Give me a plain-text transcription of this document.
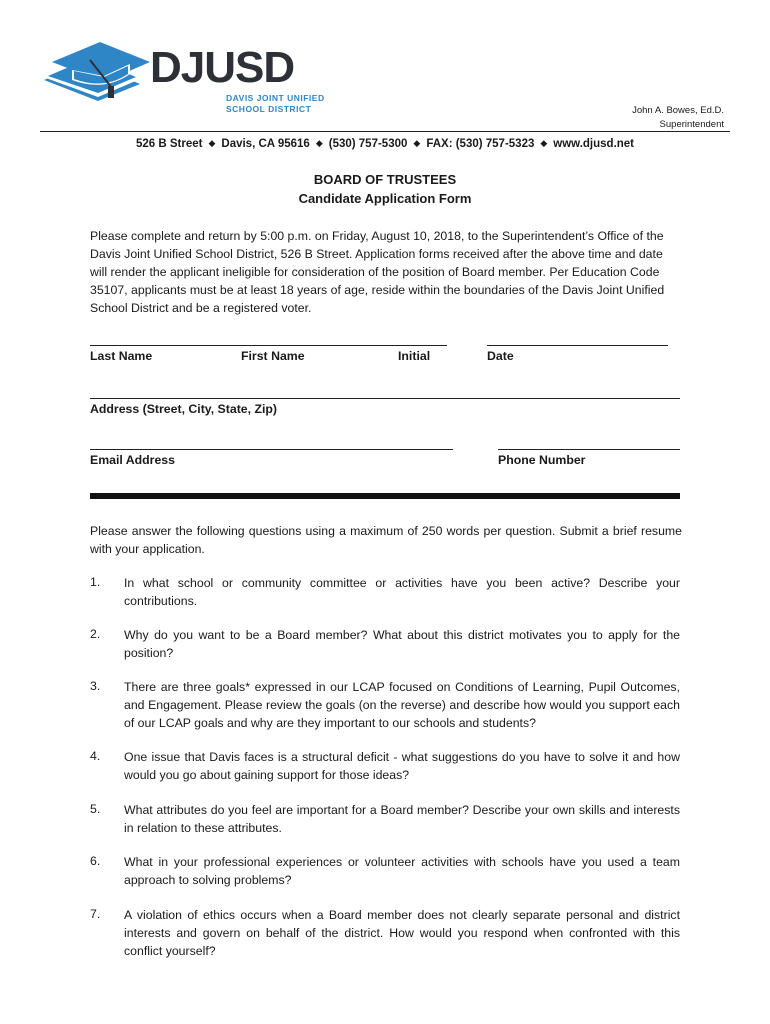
DJUSD
DAVIS JOINT UNIFIED
SCHOOL DISTRICT	John A. Bowes, Ed.D.
Superintendent
526 B Street ◆ Davis, CA 95616 ◆ (530) 757-5300 ◆ FAX: (530) 757-5323 ◆ www.djusd.net
BOARD OF TRUSTEES
Candidate Application Form
Please complete and return by 5:00 p.m. on Friday, August 10, 2018, to the Superintendent’s Office of the Davis Joint Unified School District, 526 B Street. Application forms received after the above time and date will render the applicant ineligible for consideration of the position of Board member. Per Education Code 35107, applicants must be at least 18 years of age, reside within the boundaries of the Davis Joint Unified School District and be a registered voter.
Last Name	First Name	Initial	Date
Address (Street, City, State, Zip)
Email Address	Phone Number
Please answer the following questions using a maximum of 250 words per question. Submit a brief resume with your application.
1. In what school or community committee or activities have you been active? Describe your contributions.
2. Why do you want to be a Board member? What about this district motivates you to apply for the position?
3. There are three goals* expressed in our LCAP focused on Conditions of Learning, Pupil Outcomes, and Engagement. Please review the goals (on the reverse) and describe how would you support each of our LCAP goals and why are they important to our schools and students?
4. One issue that Davis faces is a structural deficit - what suggestions do you have to solve it and how would you go about gaining support for those ideas?
5. What attributes do you feel are important for a Board member? Describe your own skills and interests in relation to these attributes.
6. What in your professional experiences or volunteer activities with schools have you used a team approach to solving problems?
7. A violation of ethics occurs when a Board member does not clearly separate personal and district interests and govern on behalf of the district. How would you respond when confronted with this conflict yourself?
